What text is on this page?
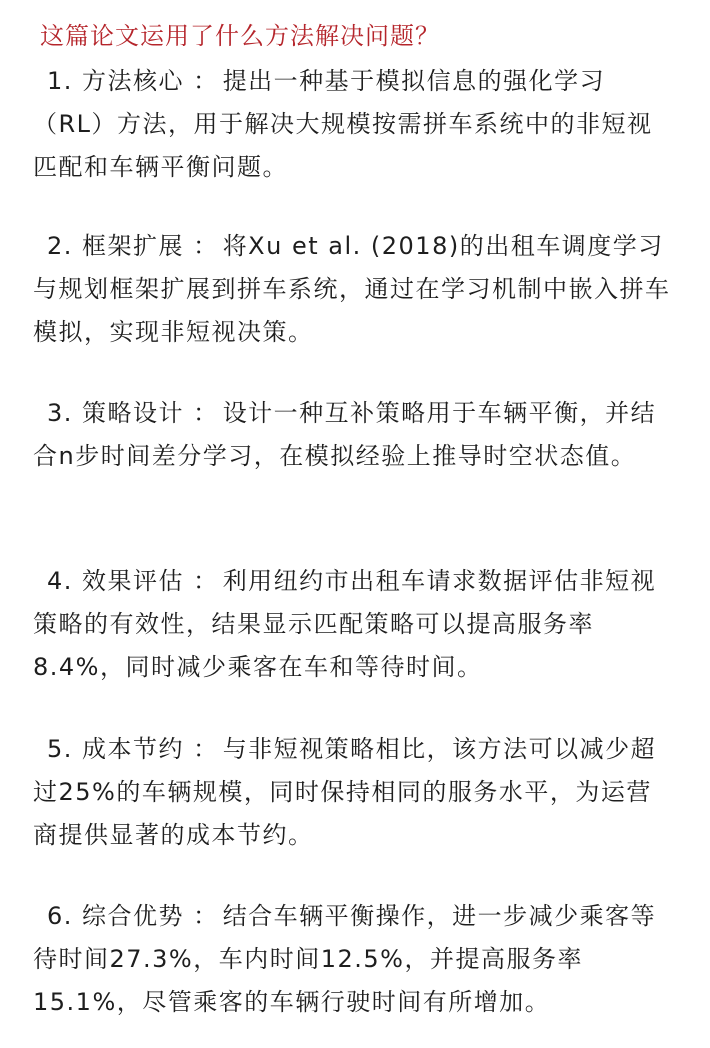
这篇论文运用了什么方法解决问题？
1. 方法核心 ： 提出一种基于模拟信息的强化学习（RL）方法，用于解决大规模按需拼车系统中的非短视匹配和车辆平衡问题。
2. 框架扩展 ： 将Xu et al. (2018)的出租车调度学习与规划框架扩展到拼车系统，通过在学习机制中嵌入拼车模拟，实现非短视决策。
3. 策略设计 ： 设计一种互补策略用于车辆平衡，并结合n步时间差分学习，在模拟经验上推导时空状态值。
4. 效果评估 ： 利用纽约市出租车请求数据评估非短视策略的有效性，结果显示匹配策略可以提高服务率8.4%，同时减少乘客在车和等待时间。
5. 成本节约 ： 与非短视策略相比，该方法可以减少超过25%的车辆规模，同时保持相同的服务水平，为运营商提供显著的成本节约。
6. 综合优势 ： 结合车辆平衡操作，进一步减少乘客等待时间27.3%，车内时间12.5%，并提高服务率15.1%，尽管乘客的车辆行驶时间有所增加。
